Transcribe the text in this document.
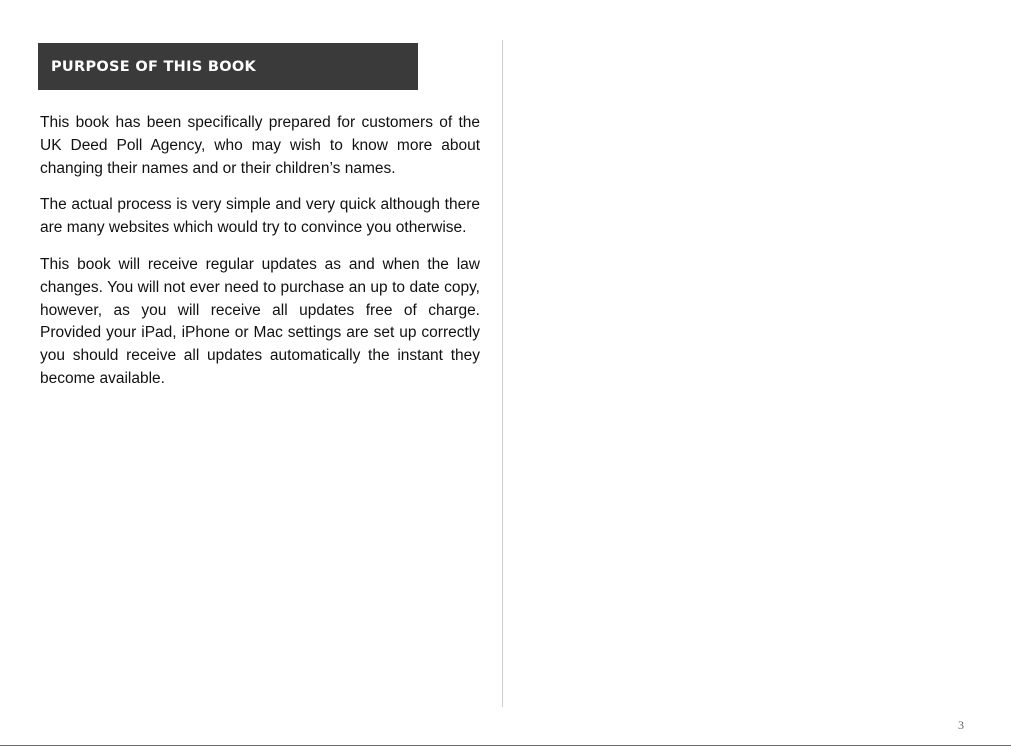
PURPOSE OF THIS BOOK

This book has been specifically prepared for customers of the UK Deed Poll Agency, who may wish to know more about changing their names and or their children’s names.

The actual process is very simple and very quick although there are many websites which would try to convince you otherwise.

This book will receive regular updates as and when the law changes. You will not ever need to purchase an up to date copy, however, as you will receive all updates free of charge. Provided your iPad, iPhone or Mac settings are set up correctly you should receive all updates automatically the instant they become available.

3
